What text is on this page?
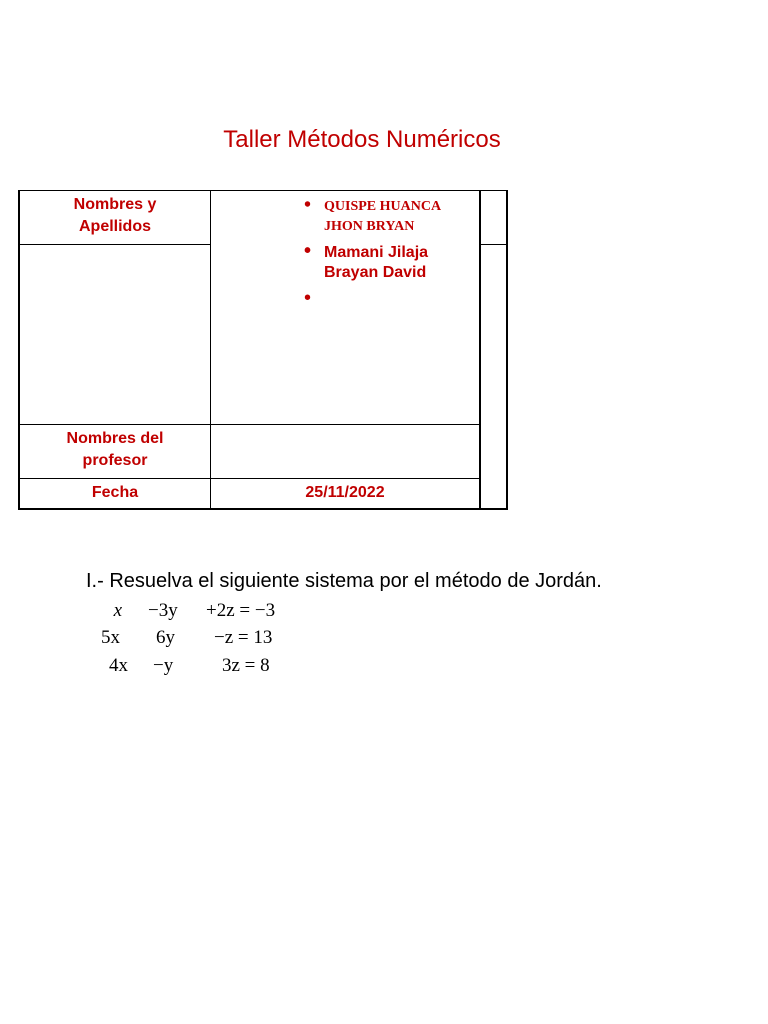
Taller Métodos Numéricos
Nombres y Apellidos
Nombres del profesor
Fecha	25/11/2022
• QUISPE HUANCA JHON BRYAN
• Mamani Jilaja Brayan David
•
I.- Resuelva el siguiente sistema por el método de Jordán.
x −3y +2z = −3
5x 6y −z = 13
4x −y	3z = 8
